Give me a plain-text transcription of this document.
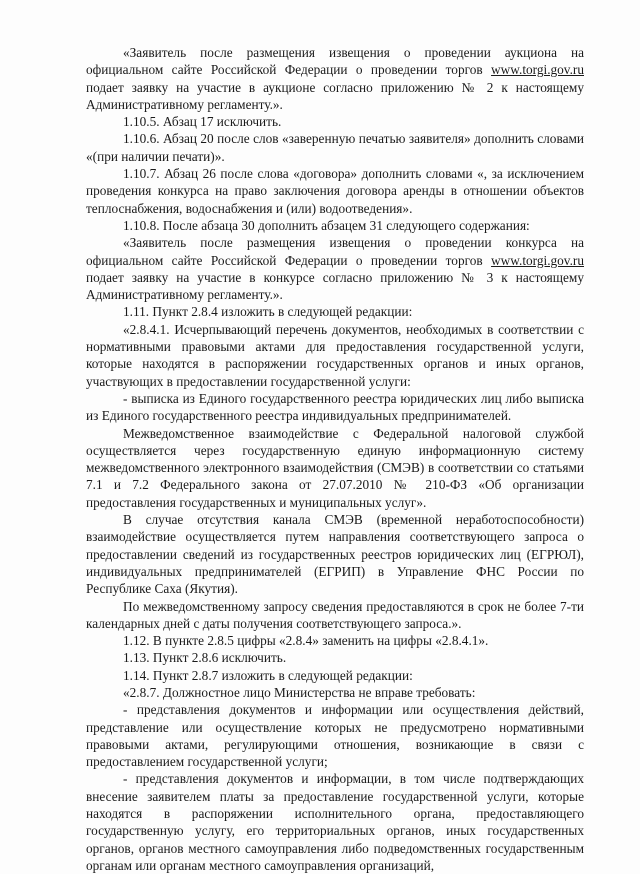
«Заявитель после размещения извещения о проведении аукциона на официальном сайте Российской Федерации о проведении торгов www.torgi.gov.ru подает заявку на участие в аукционе согласно приложению № 2 к настоящему Административному регламенту.».

1.10.5. Абзац 17 исключить.

1.10.6. Абзац 20 после слов «заверенную печатью заявителя» дополнить словами «(при наличии печати)».

1.10.7. Абзац 26 после слова «договора» дополнить словами «, за исключением проведения конкурса на право заключения договора аренды в отношении объектов теплоснабжения, водоснабжения и (или) водоотведения».

1.10.8. После абзаца 30 дополнить абзацем 31 следующего содержания:

«Заявитель после размещения извещения о проведении конкурса на официальном сайте Российской Федерации о проведении торгов www.torgi.gov.ru подает заявку на участие в конкурсе согласно приложению № 3 к настоящему Административному регламенту.».

1.11. Пункт 2.8.4 изложить в следующей редакции:

«2.8.4.1. Исчерпывающий перечень документов, необходимых в соответствии с нормативными правовыми актами для предоставления государственной услуги, которые находятся в распоряжении государственных органов и иных органов, участвующих в предоставлении государственной услуги:

- выписка из Единого государственного реестра юридических лиц либо выписка из Единого государственного реестра индивидуальных предпринимателей.

Межведомственное взаимодействие с Федеральной налоговой службой осуществляется через государственную единую информационную систему межведомственного электронного взаимодействия (СМЭВ) в соответствии со статьями 7.1 и 7.2 Федерального закона от 27.07.2010 № 210-ФЗ «Об организации предоставления государственных и муниципальных услуг».

В случае отсутствия канала СМЭВ (временной неработоспособности) взаимодействие осуществляется путем направления соответствующего запроса о предоставлении сведений из государственных реестров юридических лиц (ЕГРЮЛ), индивидуальных предпринимателей (ЕГРИП) в Управление ФНС России по Республике Саха (Якутия).

По межведомственному запросу сведения предоставляются в срок не более 7-ти календарных дней с даты получения соответствующего запроса.».

1.12. В пункте 2.8.5 цифры «2.8.4» заменить на цифры «2.8.4.1».

1.13. Пункт 2.8.6 исключить.

1.14. Пункт 2.8.7 изложить в следующей редакции:

«2.8.7. Должностное лицо Министерства не вправе требовать:

- представления документов и информации или осуществления действий, представление или осуществление которых не предусмотрено нормативными правовыми актами, регулирующими отношения, возникающие в связи с предоставлением государственной услуги;

- представления документов и информации, в том числе подтверждающих внесение заявителем платы за предоставление государственной услуги, которые находятся в распоряжении исполнительного органа, предоставляющего государственную услугу, его территориальных органов, иных государственных органов, органов местного самоуправления либо подведомственных государственным органам или органам местного самоуправления организаций,
